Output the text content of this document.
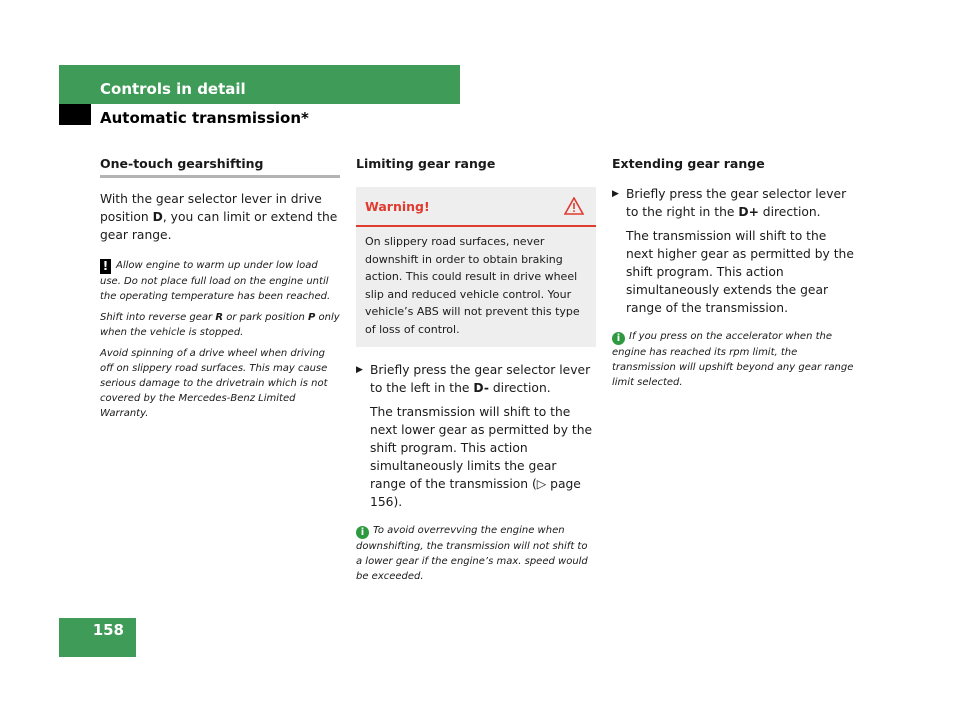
Controls in detail
Automatic transmission*

One-touch gearshifting

With the gear selector lever in drive position D, you can limit or extend the gear range.

! Allow engine to warm up under low load use. Do not place full load on the engine until the operating temperature has been reached.

Shift into reverse gear R or park position P only when the vehicle is stopped.

Avoid spinning of a drive wheel when driving off on slippery road surfaces. This may cause serious damage to the drivetrain which is not covered by the Mercedes-Benz Limited Warranty.

Limiting gear range

Warning!

On slippery road surfaces, never downshift in order to obtain braking action. This could result in drive wheel slip and reduced vehicle control. Your vehicle’s ABS will not prevent this type of loss of control.

▶ Briefly press the gear selector lever to the left in the D- direction.

The transmission will shift to the next lower gear as permitted by the shift program. This action simultaneously limits the gear range of the transmission (▷ page 156).

i To avoid overrevving the engine when downshifting, the transmission will not shift to a lower gear if the engine’s max. speed would be exceeded.

Extending gear range

▶ Briefly press the gear selector lever to the right in the D+ direction.

The transmission will shift to the next higher gear as permitted by the shift program. This action simultaneously extends the gear range of the transmission.

i If you press on the accelerator when the engine has reached its rpm limit, the transmission will upshift beyond any gear range limit selected.

158
